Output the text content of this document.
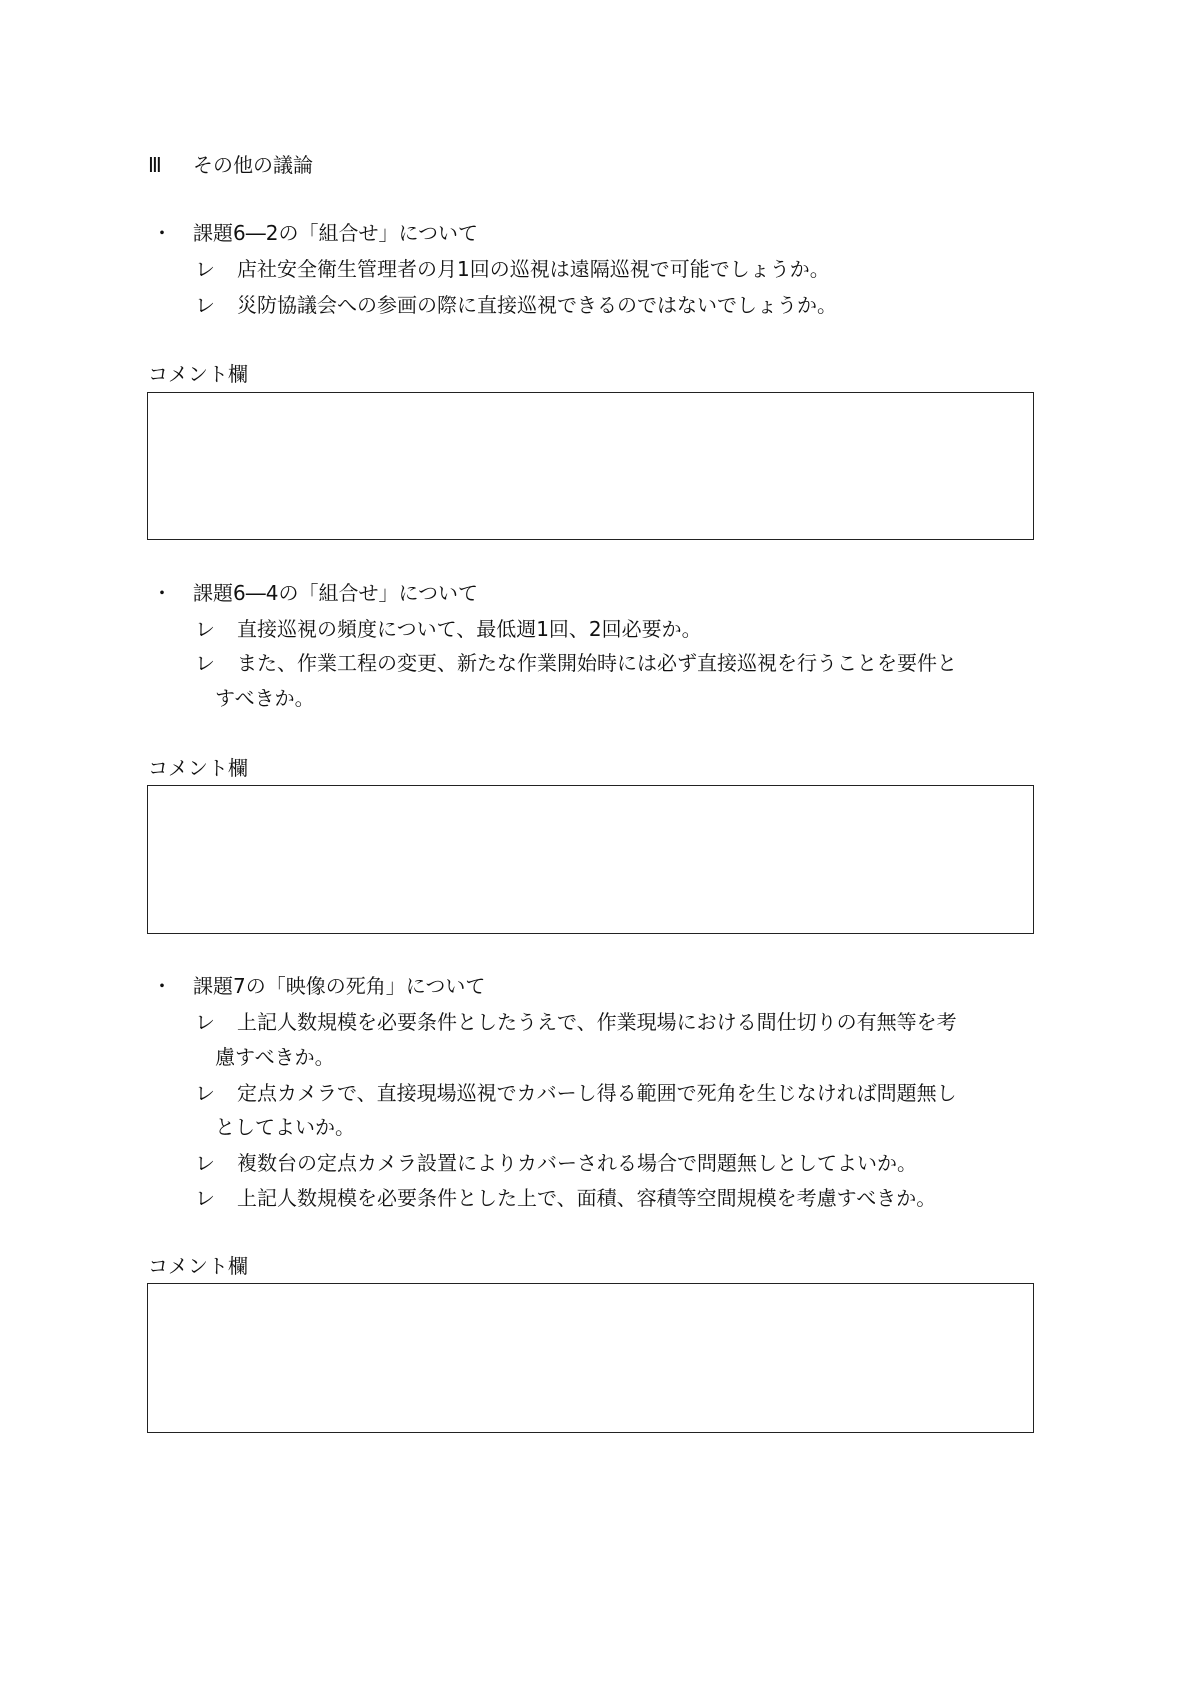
Ⅲ その他の議論
・ 課題6―2の「組合せ」について
レ 店社安全衛生管理者の月1回の巡視は遠隔巡視で可能でしょうか。
レ 災防協議会への参画の際に直接巡視できるのではないでしょうか。
コメント欄
・ 課題6―4の「組合せ」について
レ 直接巡視の頻度について、最低週1回、2回必要か。
レ また、作業工程の変更、新たな作業開始時には必ず直接巡視を行うことを要件と
すべきか。
コメント欄
・ 課題7の「映像の死角」について
レ 上記人数規模を必要条件としたうえで、作業現場における間仕切りの有無等を考
慮すべきか。
レ 定点カメラで、直接現場巡視でカバーし得る範囲で死角を生じなければ問題無し
としてよいか。
レ 複数台の定点カメラ設置によりカバーされる場合で問題無しとしてよいか。
レ 上記人数規模を必要条件とした上で、面積、容積等空間規模を考慮すべきか。
コメント欄
